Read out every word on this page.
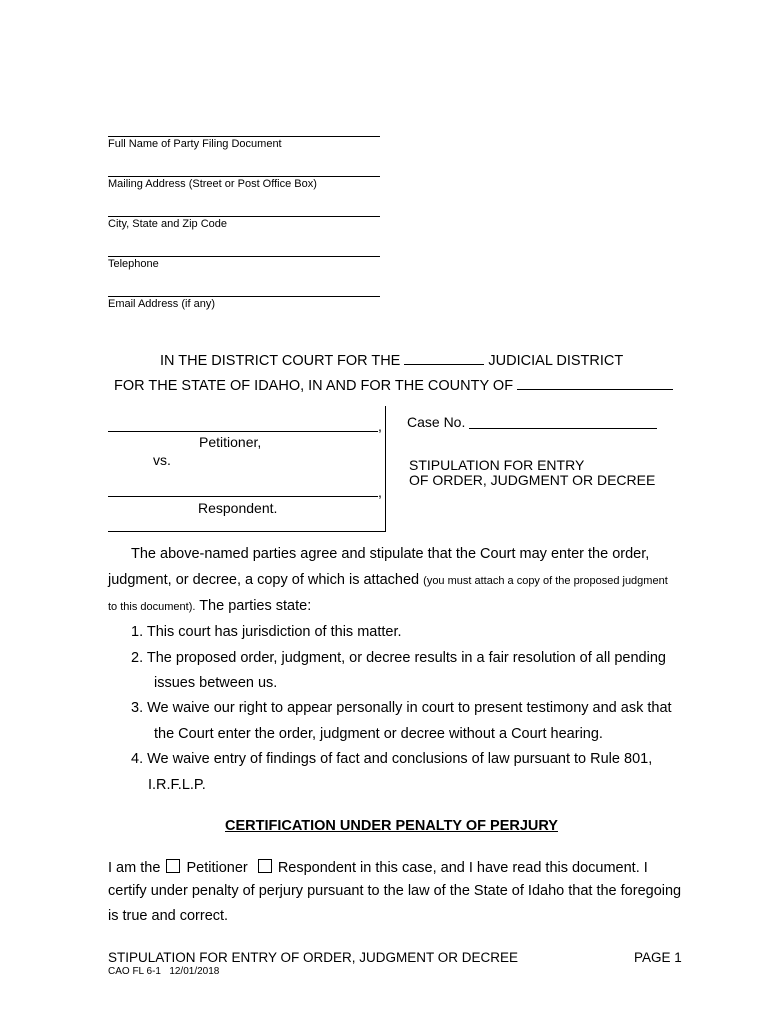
Full Name of Party Filing Document
Mailing Address (Street or Post Office Box)
City, State and Zip Code
Telephone
Email Address (if any)
IN THE DISTRICT COURT FOR THE	JUDICIAL DISTRICT
FOR THE STATE OF IDAHO, IN AND FOR THE COUNTY OF
,
Petitioner,
vs.
,
Respondent.
Case No.
STIPULATION FOR ENTRY
OF ORDER, JUDGMENT OR DECREE
The above-named parties agree and stipulate that the Court may enter the order,
judgment, or decree, a copy of which is attached (you must attach a copy of the proposed judgment
to this document). The parties state:
1. This court has jurisdiction of this matter.
2. The proposed order, judgment, or decree results in a fair resolution of all pending
issues between us.
3. We waive our right to appear personally in court to present testimony and ask that
the Court enter the order, judgment or decree without a Court hearing.
4. We waive entry of findings of fact and conclusions of law pursuant to Rule 801,
I.R.F.L.P.
CERTIFICATION UNDER PENALTY OF PERJURY
I am the Petitioner Respondent in this case, and I have read this document. I
certify under penalty of perjury pursuant to the law of the State of Idaho that the foregoing
is true and correct.
STIPULATION FOR ENTRY OF ORDER, JUDGMENT OR DECREE	PAGE 1
CAO FL 6-1   12/01/2018
